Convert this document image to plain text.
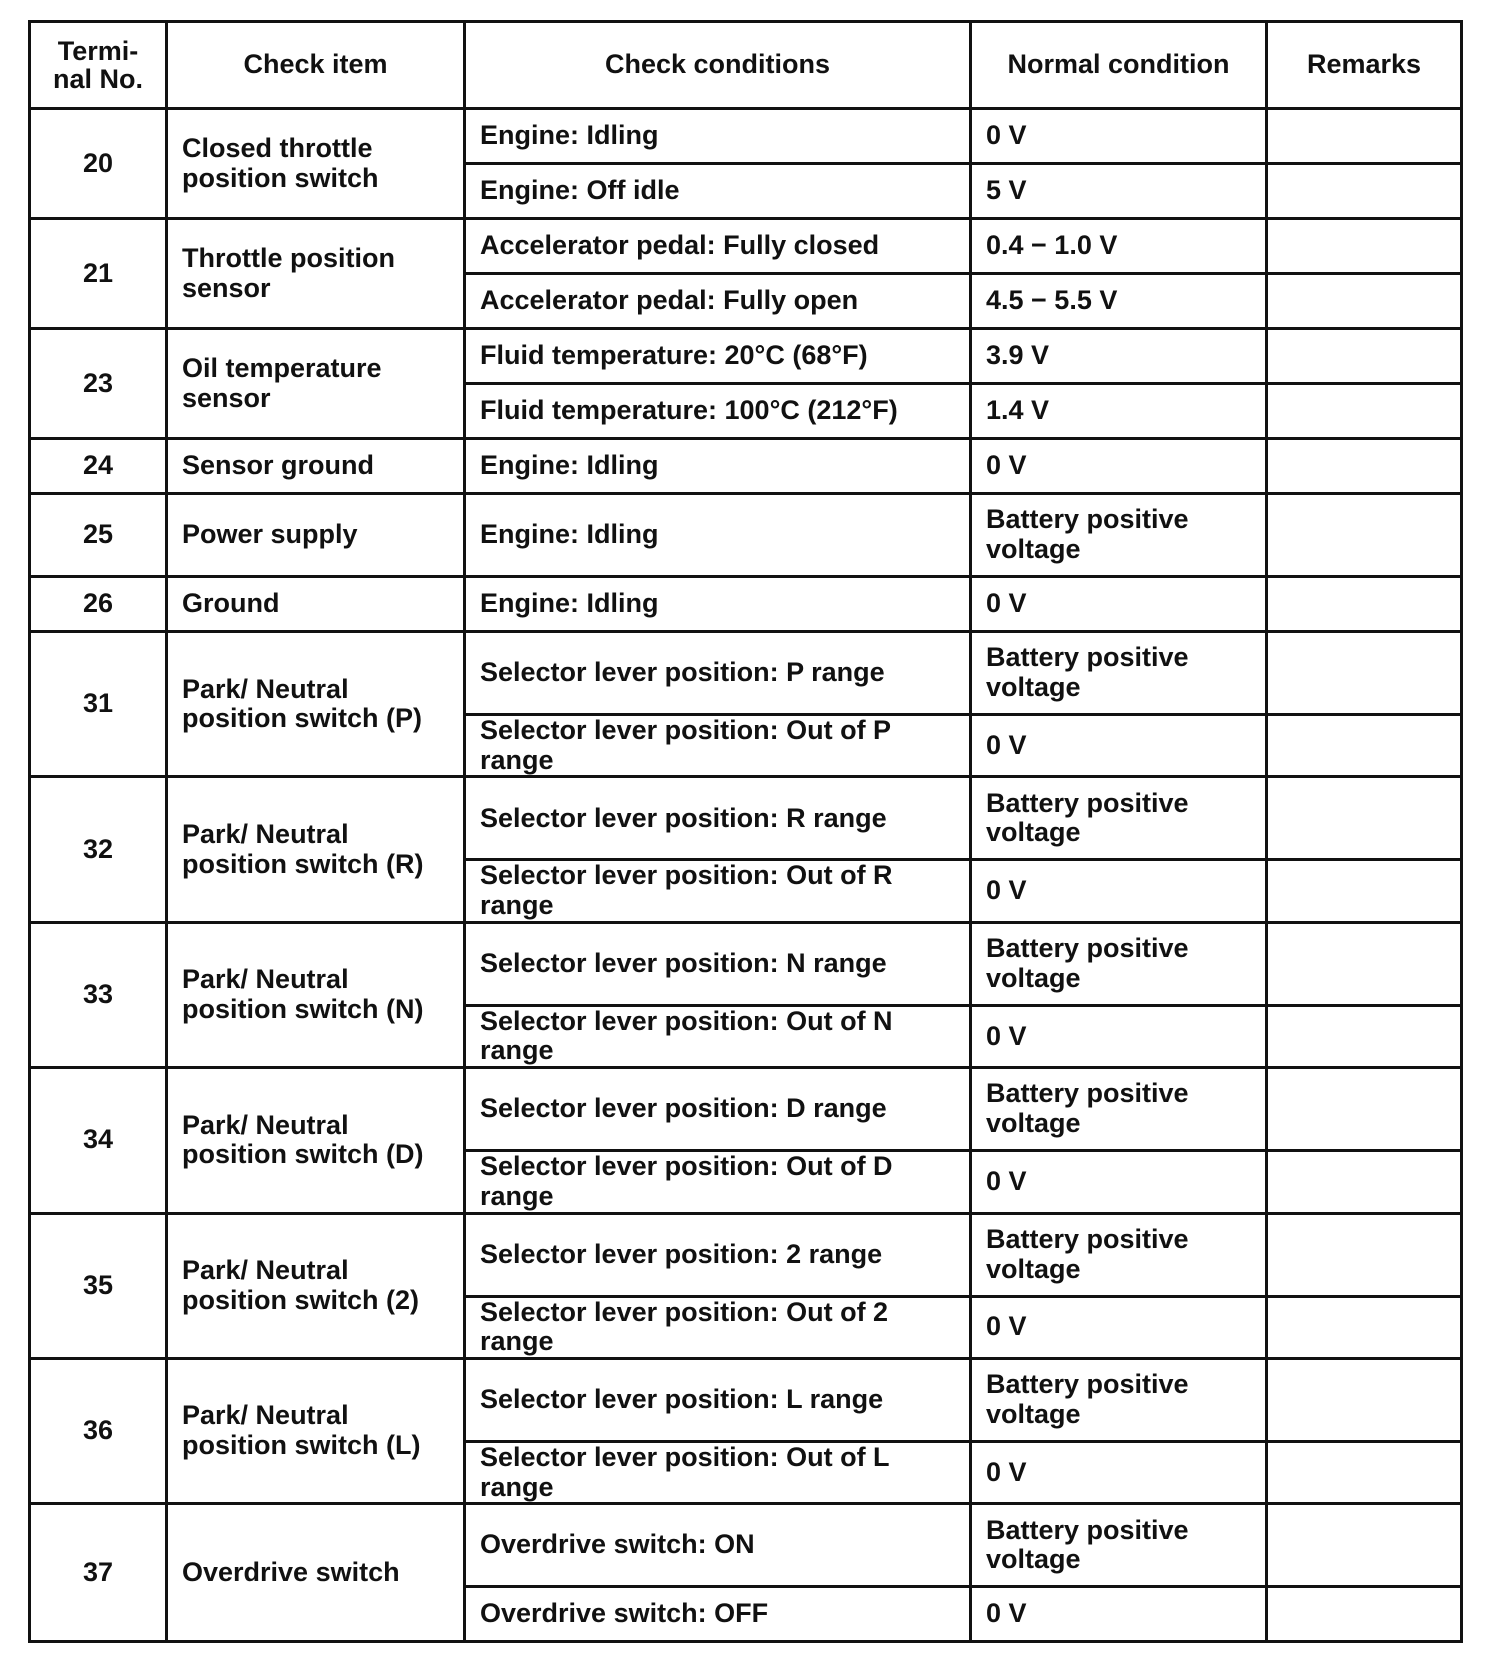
Termi-
nal No.	Check item	Check conditions	Normal condition	Remarks
20	Closed throttle position switch	Engine: Idling	0 V	
		Engine: Off idle	5 V	
21	Throttle position sensor	Accelerator pedal: Fully closed	0.4 − 1.0 V	
		Accelerator pedal: Fully open	4.5 − 5.5 V	
23	Oil temperature sensor	Fluid temperature: 20°C (68°F)	3.9 V	
		Fluid temperature: 100°C (212°F)	1.4 V	
24	Sensor ground	Engine: Idling	0 V	
25	Power supply	Engine: Idling	Battery positive voltage	
26	Ground	Engine: Idling	0 V	
31	Park/ Neutral position switch (P)	Selector lever position: P range	Battery positive voltage	
		Selector lever position: Out of P range	0 V	
32	Park/ Neutral position switch (R)	Selector lever position: R range	Battery positive voltage	
		Selector lever position: Out of R range	0 V	
33	Park/ Neutral position switch (N)	Selector lever position: N range	Battery positive voltage	
		Selector lever position: Out of N range	0 V	
34	Park/ Neutral position switch (D)	Selector lever position: D range	Battery positive voltage	
		Selector lever position: Out of D range	0 V	
35	Park/ Neutral position switch (2)	Selector lever position: 2 range	Battery positive voltage	
		Selector lever position: Out of 2 range	0 V	
36	Park/ Neutral position switch (L)	Selector lever position: L range	Battery positive voltage	
		Selector lever position: Out of L range	0 V	
37	Overdrive switch	Overdrive switch: ON	Battery positive voltage	
		Overdrive switch: OFF	0 V	
